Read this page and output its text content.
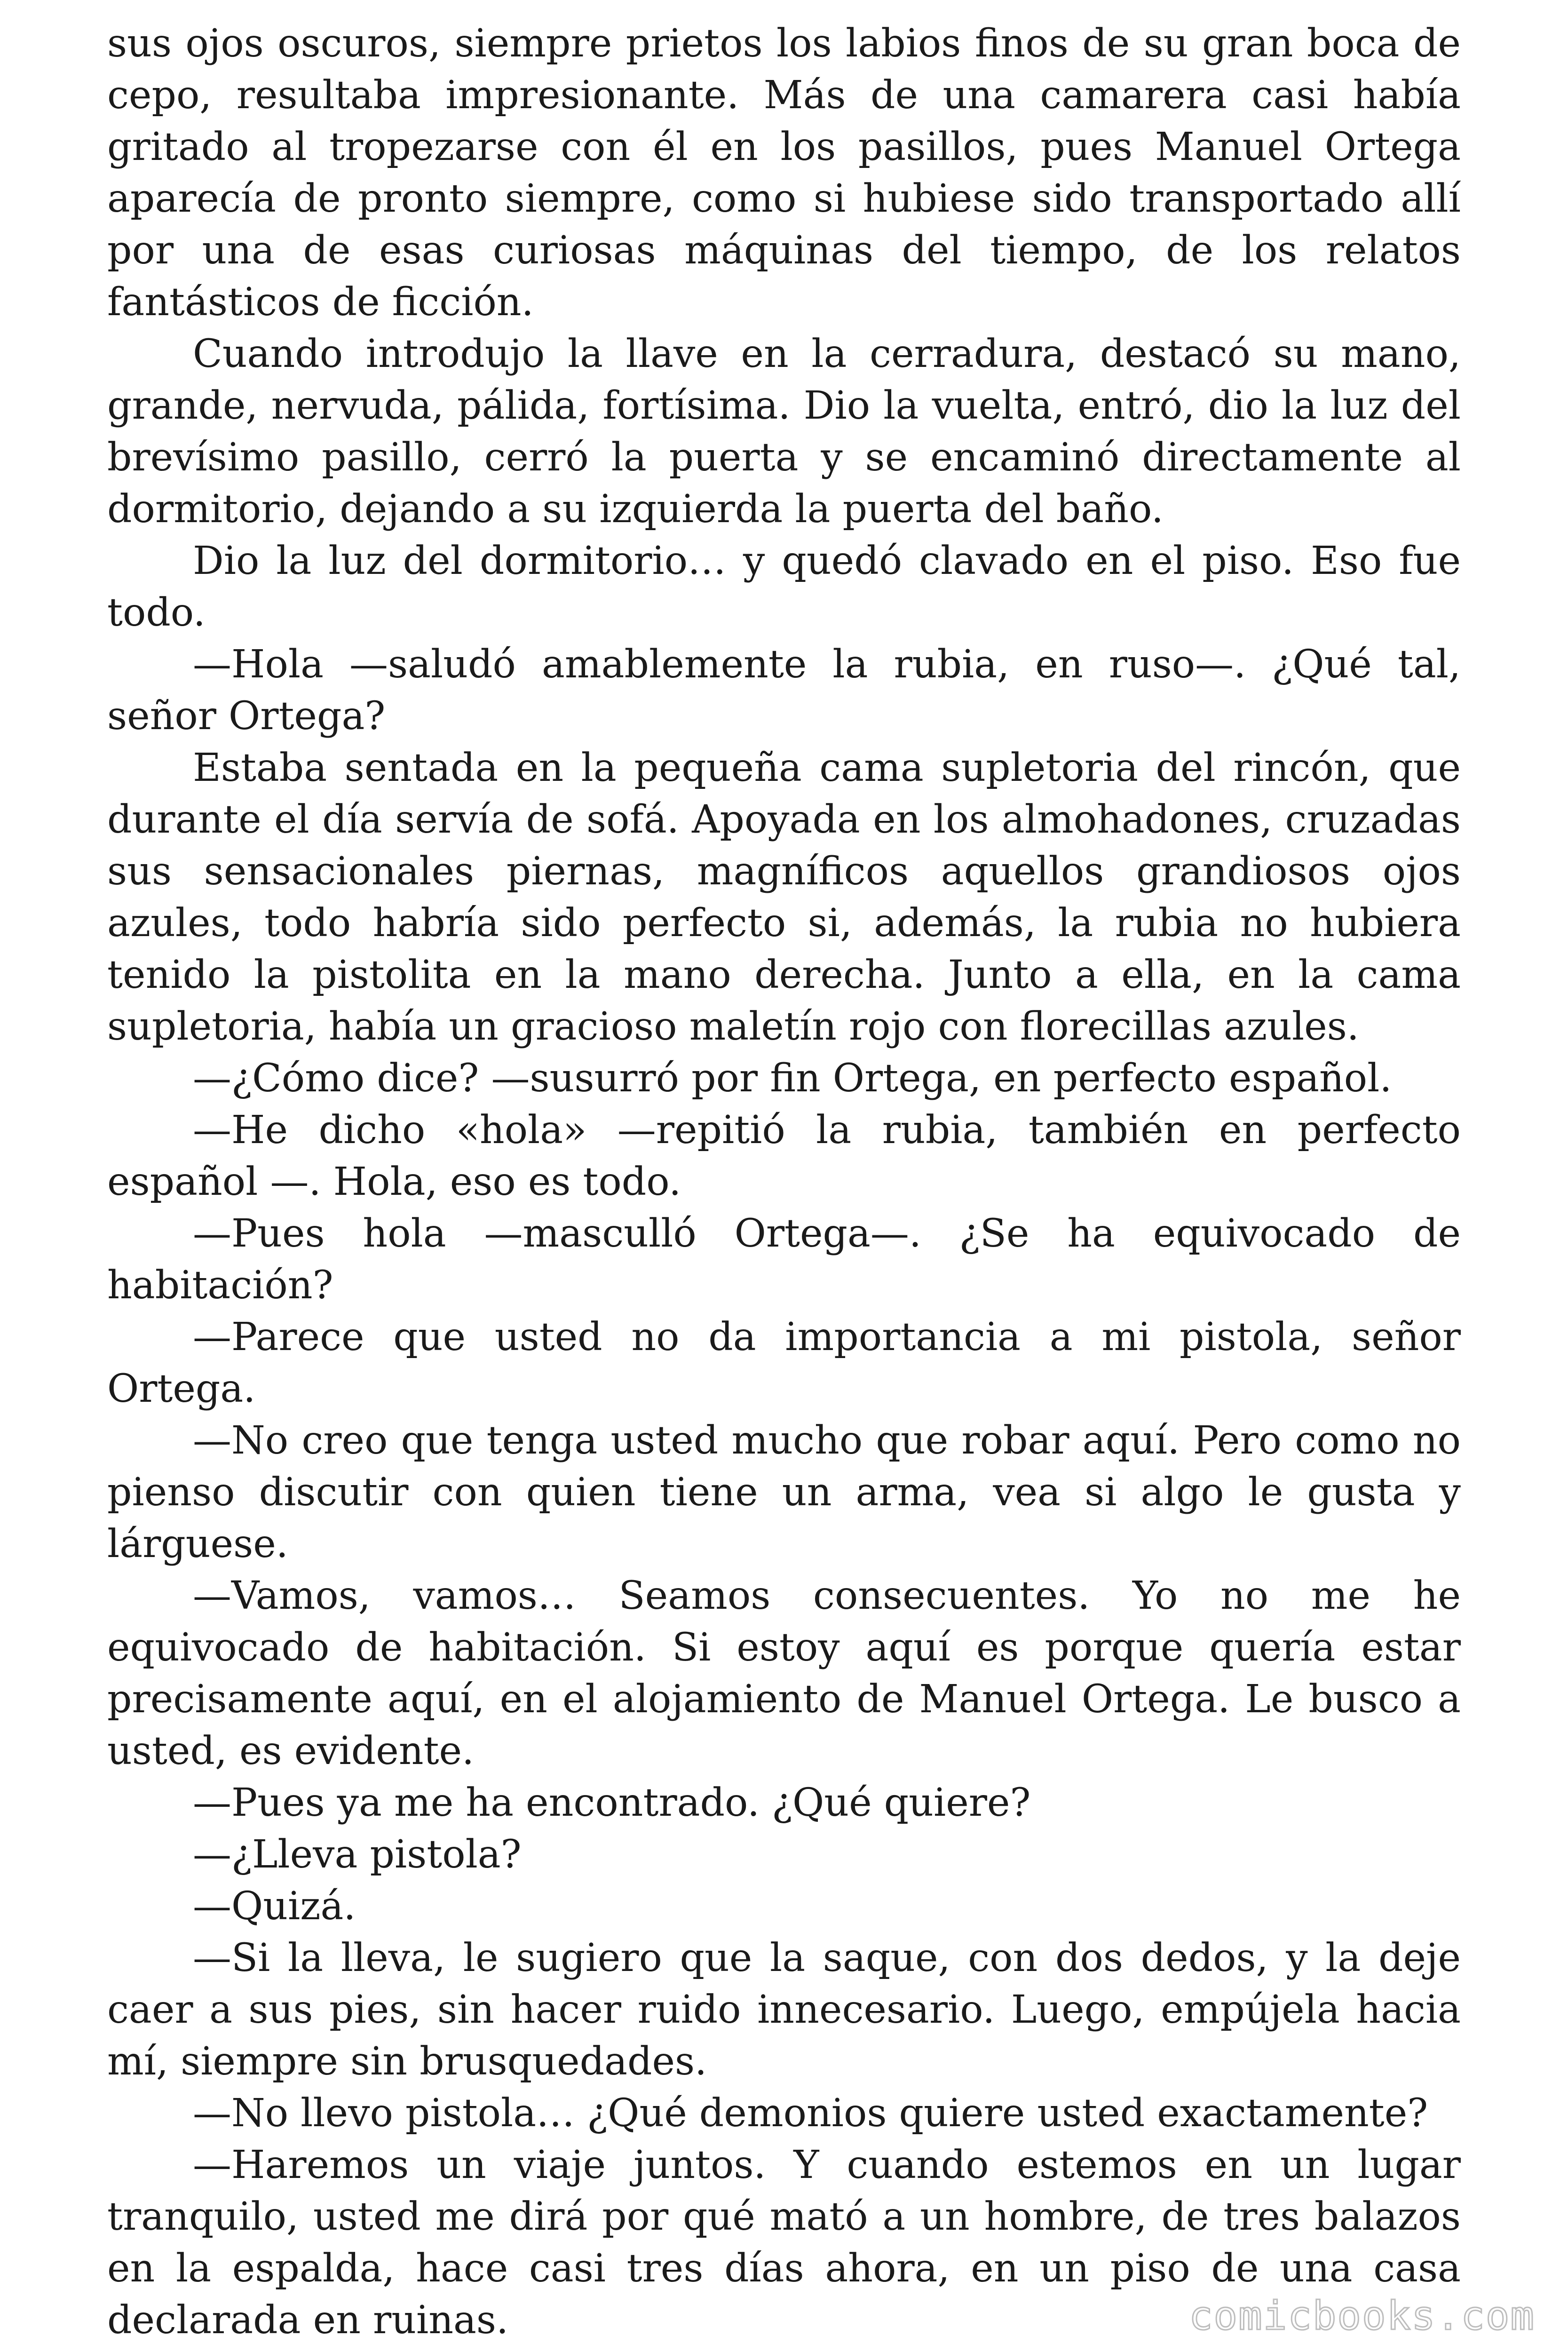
sus ojos oscuros, siempre prietos los labios finos de su gran boca de cepo, resultaba impresionante. Más de una camarera casi había gritado al tropezarse con él en los pasillos, pues Manuel Ortega aparecía de pronto siempre, como si hubiese sido transportado allí por una de esas curiosas máquinas del tiempo, de los relatos fantásticos de ficción.

Cuando introdujo la llave en la cerradura, destacó su mano, grande, nervuda, pálida, fortísima. Dio la vuelta, entró, dio la luz del brevísimo pasillo, cerró la puerta y se encaminó directamente al dormitorio, dejando a su izquierda la puerta del baño.

Dio la luz del dormitorio… y quedó clavado en el piso. Eso fue todo.

—Hola —saludó amablemente la rubia, en ruso—. ¿Qué tal, señor Ortega?

Estaba sentada en la pequeña cama supletoria del rincón, que durante el día servía de sofá. Apoyada en los almohadones, cruzadas sus sensacionales piernas, magníficos aquellos grandiosos ojos azules, todo habría sido perfecto si, además, la rubia no hubiera tenido la pistolita en la mano derecha. Junto a ella, en la cama supletoria, había un gracioso maletín rojo con florecillas azules.

—¿Cómo dice? —susurró por fin Ortega, en perfecto español.

—He dicho «hola» —repitió la rubia, también en perfecto español —. Hola, eso es todo.

—Pues hola —masculló Ortega—. ¿Se ha equivocado de habitación?

—Parece que usted no da importancia a mi pistola, señor Ortega.

—No creo que tenga usted mucho que robar aquí. Pero como no pienso discutir con quien tiene un arma, vea si algo le gusta y lárguese.

—Vamos, vamos… Seamos consecuentes. Yo no me he equivocado de habitación. Si estoy aquí es porque quería estar precisamente aquí, en el alojamiento de Manuel Ortega. Le busco a usted, es evidente.

—Pues ya me ha encontrado. ¿Qué quiere?

—¿Lleva pistola?

—Quizá.

—Si la lleva, le sugiero que la saque, con dos dedos, y la deje caer a sus pies, sin hacer ruido innecesario. Luego, empújela hacia mí, siempre sin brusquedades.

—No llevo pistola… ¿Qué demonios quiere usted exactamente?

—Haremos un viaje juntos. Y cuando estemos en un lugar tranquilo, usted me dirá por qué mató a un hombre, de tres balazos en la espalda, hace casi tres días ahora, en un piso de una casa declarada en ruinas.	comicbooks.com
